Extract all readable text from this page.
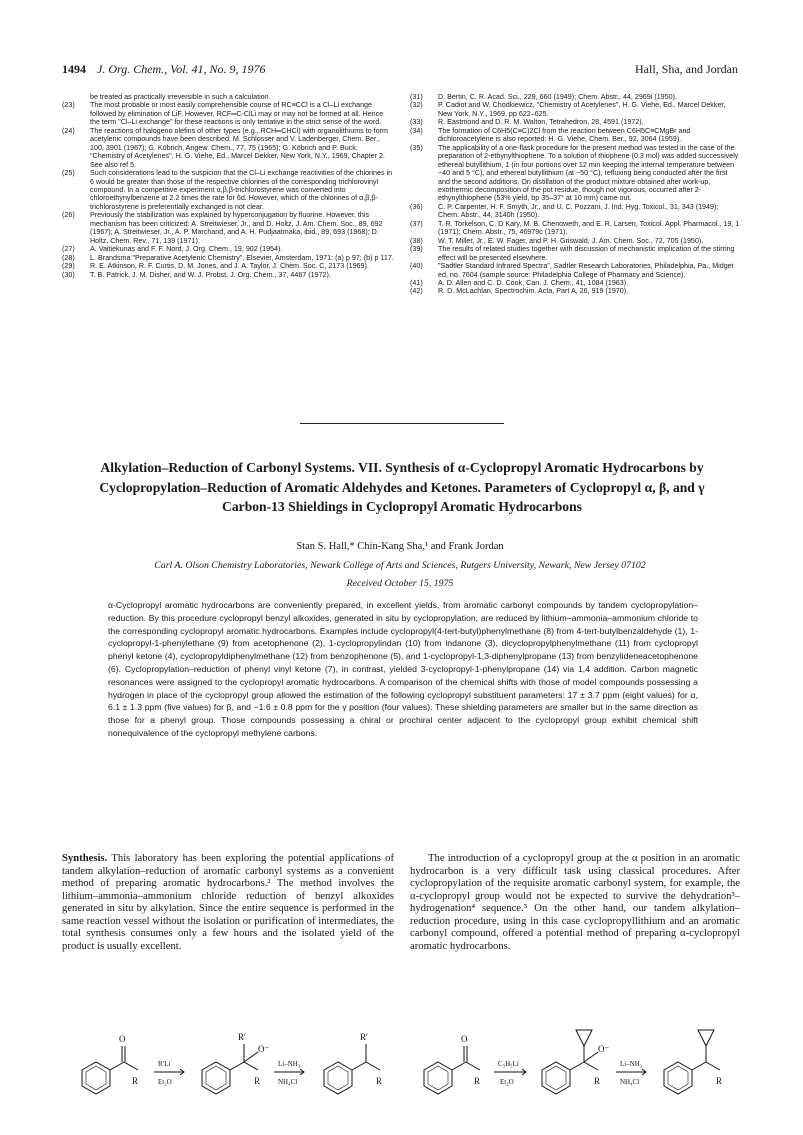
1494 J. Org. Chem., Vol. 41, No. 9, 1976	Hall, Sha, and Jordan

be treated as practically irreversible in such a calculation.

(23) The most probable or most easily comprehensible course of RC≡CCl is a Cl–Li exchange followed by elimination of LiF. However, RCF═C-ClLi may or may not be formed at all. Hence the term "Cl–Li exchange" for these reactions is only tentative in the strict sense of the word.

(24) The reactions of halogeno olefins of other types (e.g., RCH═CHCl) with organolithiums to form acetylenic compounds have been described: M. Schlosser and V. Ladenberger, Chem. Ber., 100, 3901 (1967); G. Köbrich, Angew. Chem., 77, 75 (1965); G. Köbrich and P. Buck, "Chemistry of Acetylenes", H. G. Viehe, Ed., Marcel Dekker, New York, N.Y., 1969, Chapter 2. See also ref 5.

(25) Such considerations lead to the suspicion that the Cl–Li exchange reactivities of the chlorines in 6 would be greater than those of the respective chlorines of the corresponding trichlorovinyl compound. In a competitive experiment α,β,β-trichlorostyrene was converted into chloroethynylbenzene at 2.2 times the rate for 6d. However, which of the chlorines of α,β,β-trichlorostyrene is preferentially exchanged is not clear.

(26) Previously the stabilization was explained by hyperconjugation by fluorine. However, this mechanism has been criticized: A. Streitwieser, Jr., and D. Holtz, J. Am. Chem. Soc., 89, 692 (1967); A. Streitwieser, Jr., A. P. Marchand, and A. H. Pudjaatmaka, ibid., 89, 693 (1968); D. Holtz, Chem. Rev., 71, 139 (1971).

(27) A. Vaitiekunas and F. F. Nord, J. Org. Chem., 19, 902 (1954).

(28) L. Brandsma "Preparative Acetylenic Chemistry", Elsevier, Amsterdam, 1971: (a) p 97; (b) p 117.

(29) R. E. Atkinson, R. F. Curtis, D. M. Jones, and J. A. Taylor, J. Chem. Soc. C, 2173 (1969).

(30) T. B. Patrick, J. M. Disher, and W. J. Probst, J. Org. Chem., 37, 4467 (1972).

(31) D. Bertin, C. R. Acad. Sci., 229, 660 (1949); Chem. Abstr., 44, 2969i (1950).

(32) P. Cadiot and W. Chodkiewicz, "Chemistry of Acetylenes", H. G. Viehe, Ed., Marcel Dekker, New York, N.Y., 1969, pp 622–625.

(33) R. Eastmond and D. R. M. Walton, Tetrahedron, 28, 4591 (1972).

(34) The formation of C6H5(C≡C)2Cl from the reaction between C6H5C≡CMgBr and dichloroacetylene is also reported: H. G. Viehe, Chem. Ber., 92, 3064 (1959).

(35) The applicability of a one-flask procedure for the present method was tested in the case of the preparation of 2-ethynylthiophene. To a solution of thiophene (0.3 mol) was added successively ethereal butyllithium, 1 (in four portions over 12 min keeping the internal temperature between −40 and 5 °C), and ethereal butyllithium (at −50 °C), refluxing being conducted after the first and the second additions. On distillation of the product mixture obtained after work-up, exothermic decomposition of the pot residue, though not vigorous, occurred after 2-ethynylthiophene (53% yield, bp 35–37° at 10 mm) came out.

(36) C. P. Carpenter, H. F. Smyth, Jr., and U. C. Pozzani, J. Ind. Hyg. Toxicol., 31, 343 (1949); Chem. Abstr., 44, 3140h (1950).

(37) T. R. Torkelson, C. D Kary, M. B. Chenoweth, and E. R. Larsen, Toxicol. Appl. Pharmacol., 19, 1 (1971); Chem. Abstr., 75, 46979c (1971).

(38) W. T. Miller, Jr., E. W. Fager, and P. H. Griswald, J. Am. Chem. Soc., 72, 705 (1950).

(39) The results of related studies together with discussion of mechanistic implication of the stirring effect will be presented elsewhere.

(40) "Sadtler Standard Infrared Spectra", Sadtler Research Laboratories, Philadelphia, Pa., Midget ed, no. 7604 (sample source: Philadelphia College of Pharmacy and Science).

(41) A. D. Allen and C. D. Cook, Can. J. Chem., 41, 1084 (1963).

(42) R. D. McLachlan, Spectrochim. Acta, Part A, 26, 919 (1970).

Alkylation–Reduction of Carbonyl Systems. VII. Synthesis of α-Cyclopropyl Aromatic Hydrocarbons by Cyclopropylation–Reduction of Aromatic Aldehydes and Ketones. Parameters of Cyclopropyl α, β, and γ Carbon-13 Shieldings in Cyclopropyl Aromatic Hydrocarbons
Stan S. Hall,* Chin-Kang Sha,¹ and Frank Jordan
Carl A. Olson Chemistry Laboratories, Newark College of Arts and Sciences, Rutgers University, Newark, New Jersey 07102
Received October 15, 1975
α-Cyclopropyl aromatic hydrocarbons are conveniently prepared, in excellent yields, from aromatic carbonyl compounds by tandem cyclopropylation–reduction. By this procedure cyclopropyl benzyl alkoxides, generated in situ by cyclopropylation, are reduced by lithium–ammonia–ammonium chloride to the corresponding cyclopropyl aromatic hydrocarbons. Examples include cyclopropyl(4-tert-butyl)phenylmethane (8) from 4-tert-butylbenzaldehyde (1), 1-cyclopropyl-1-phenylethane (9) from acetophenone (2), 1-cyclopropylindan (10) from indanone (3), dicyclopropylphenylmethane (11) from cyclopropyl phenyl ketone (4), cyclopropyldiphenylmethane (12) from benzophenone (5), and 1-cyclopropyl-1,3-diphenylpropane (13) from benzylideneacetophenone (6). Cyclopropylation–reduction of phenyl vinyl ketone (7), in contrast, yielded 3-cyclopropyl-1-phenylpropane (14) via 1,4 addition. Carbon magnetic resonances were assigned to the cyclopropyl aromatic hydrocarbons. A comparison of the chemical shifts with those of model compounds possessing a hydrogen in place of the cyclopropyl group allowed the estimation of the following cyclopropyl substituent parameters: 17 ± 3.7 ppm (eight values) for α, 6.1 ± 1.3 ppm (five values) for β, and −1.6 ± 0.8 ppm for the γ position (four values). These shielding parameters are smaller but in the same direction as those for a phenyl group. Those compounds possessing a chiral or prochiral center adjacent to the cyclopropyl group exhibit chemical shift nonequivalence of the cyclopropyl methylene carbons.
Synthesis. This laboratory has been exploring the potential applications of tandem alkylation–reduction of aromatic carbonyl systems as a convenient method of preparing aromatic hydrocarbons.² The method involves the lithium–ammonia–ammonium chloride reduction of benzyl alkoxides generated in situ by alkylation. Since the entire sequence is performed in the same reaction vessel without the isolation or purification of intermediates, the total synthesis consumes only a few hours and the isolated yield of the product is usually excellent.
The introduction of a cyclopropyl group at the α position in an aromatic hydrocarbon is a very difficult task using classical procedures. After cyclopropylation of the requisite aromatic carbonyl system, for example, the α-cyclopropyl group would not be expected to survive the dehydration³–hydrogenation⁴ sequence.⁵ On the other hand, our tandem alkylation–reduction procedure, using in this case cyclopropyllithium and an aromatic carbonyl compound, offered a potential method of preparing α-cyclopropyl aromatic hydrocarbons.
O
R
R′Li
Et₂O
R′
O⁻
R
Li–NH₃
NH₄Cl
R′
R
O
R
C₃H₅Li
Et₂O
O⁻
R
Li–NH₃
NH₄Cl	R
